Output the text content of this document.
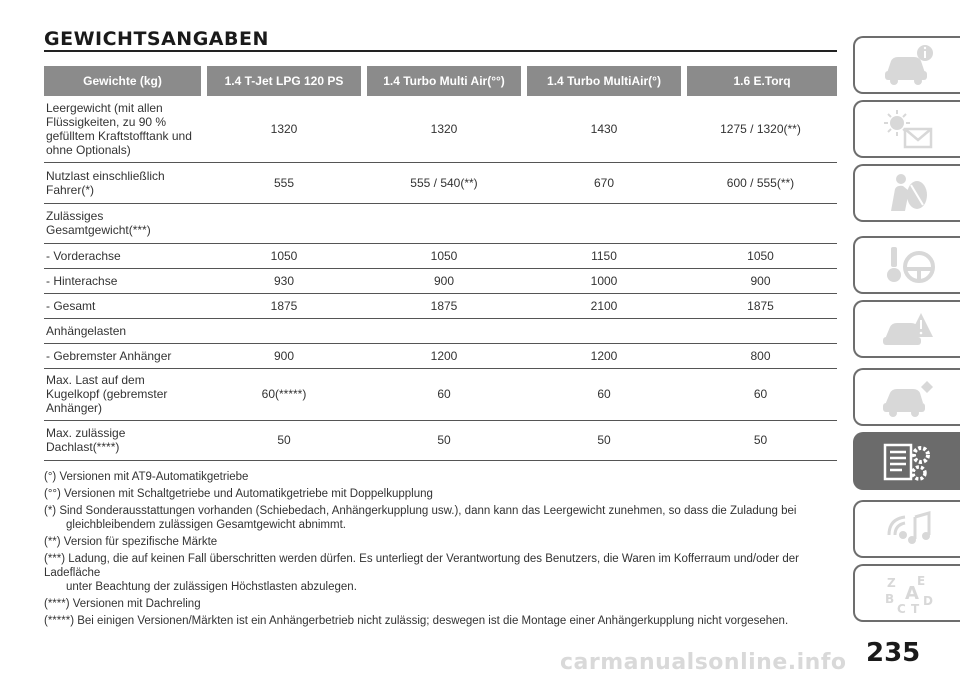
GEWICHTSANGABEN
Gewichte (kg)	1.4 T-Jet LPG 120 PS	1.4 Turbo Multi Air(°°)	1.4 Turbo MultiAir(°)	1.6 E.Torq
Leergewicht (mit allen Flüssigkeiten, zu 90 % gefülltem Kraftstofftank und ohne Optionals)	1320	1320	1430	1275 / 1320(**)
Nutzlast einschließlich Fahrer(*)	555	555 / 540(**)	670	600 / 555(**)
Zulässiges Gesamtgewicht(***)				
- Vorderachse	1050	1050	1150	1050
- Hinterachse	930	900	1000	900
- Gesamt	1875	1875	2100	1875
Anhängelasten				
- Gebremster Anhänger	900	1200	1200	800
Max. Last auf dem Kugelkopf (gebremster Anhänger)	60(*****)	60	60	60
Max. zulässige Dachlast(****)	50	50	50	50

(°) Versionen mit AT9-Automatikgetriebe

(°°) Versionen mit Schaltgetriebe und Automatikgetriebe mit Doppelkupplung

(*) Sind Sonderausstattungen vorhanden (Schiebedach, Anhängerkupplung usw.), dann kann das Leergewicht zunehmen, so dass die Zuladung bei
gleichbleibendem zulässigen Gesamtgewicht abnimmt.

(**) Version für spezifische Märkte

(***) Ladung, die auf keinen Fall überschritten werden dürfen. Es unterliegt der Verantwortung des Benutzers, die Waren im Kofferraum und/oder der Ladefläche
unter Beachtung der zulässigen Höchstlasten abzulegen.

(****) Versionen mit Dachreling

(*****) Bei einigen Versionen/Märkten ist ein Anhängerbetrieb nicht zulässig; deswegen ist die Montage einer Anhängerkupplung nicht vorgesehen.

Z E
B A D
C T
235
carmanualsonline.info
